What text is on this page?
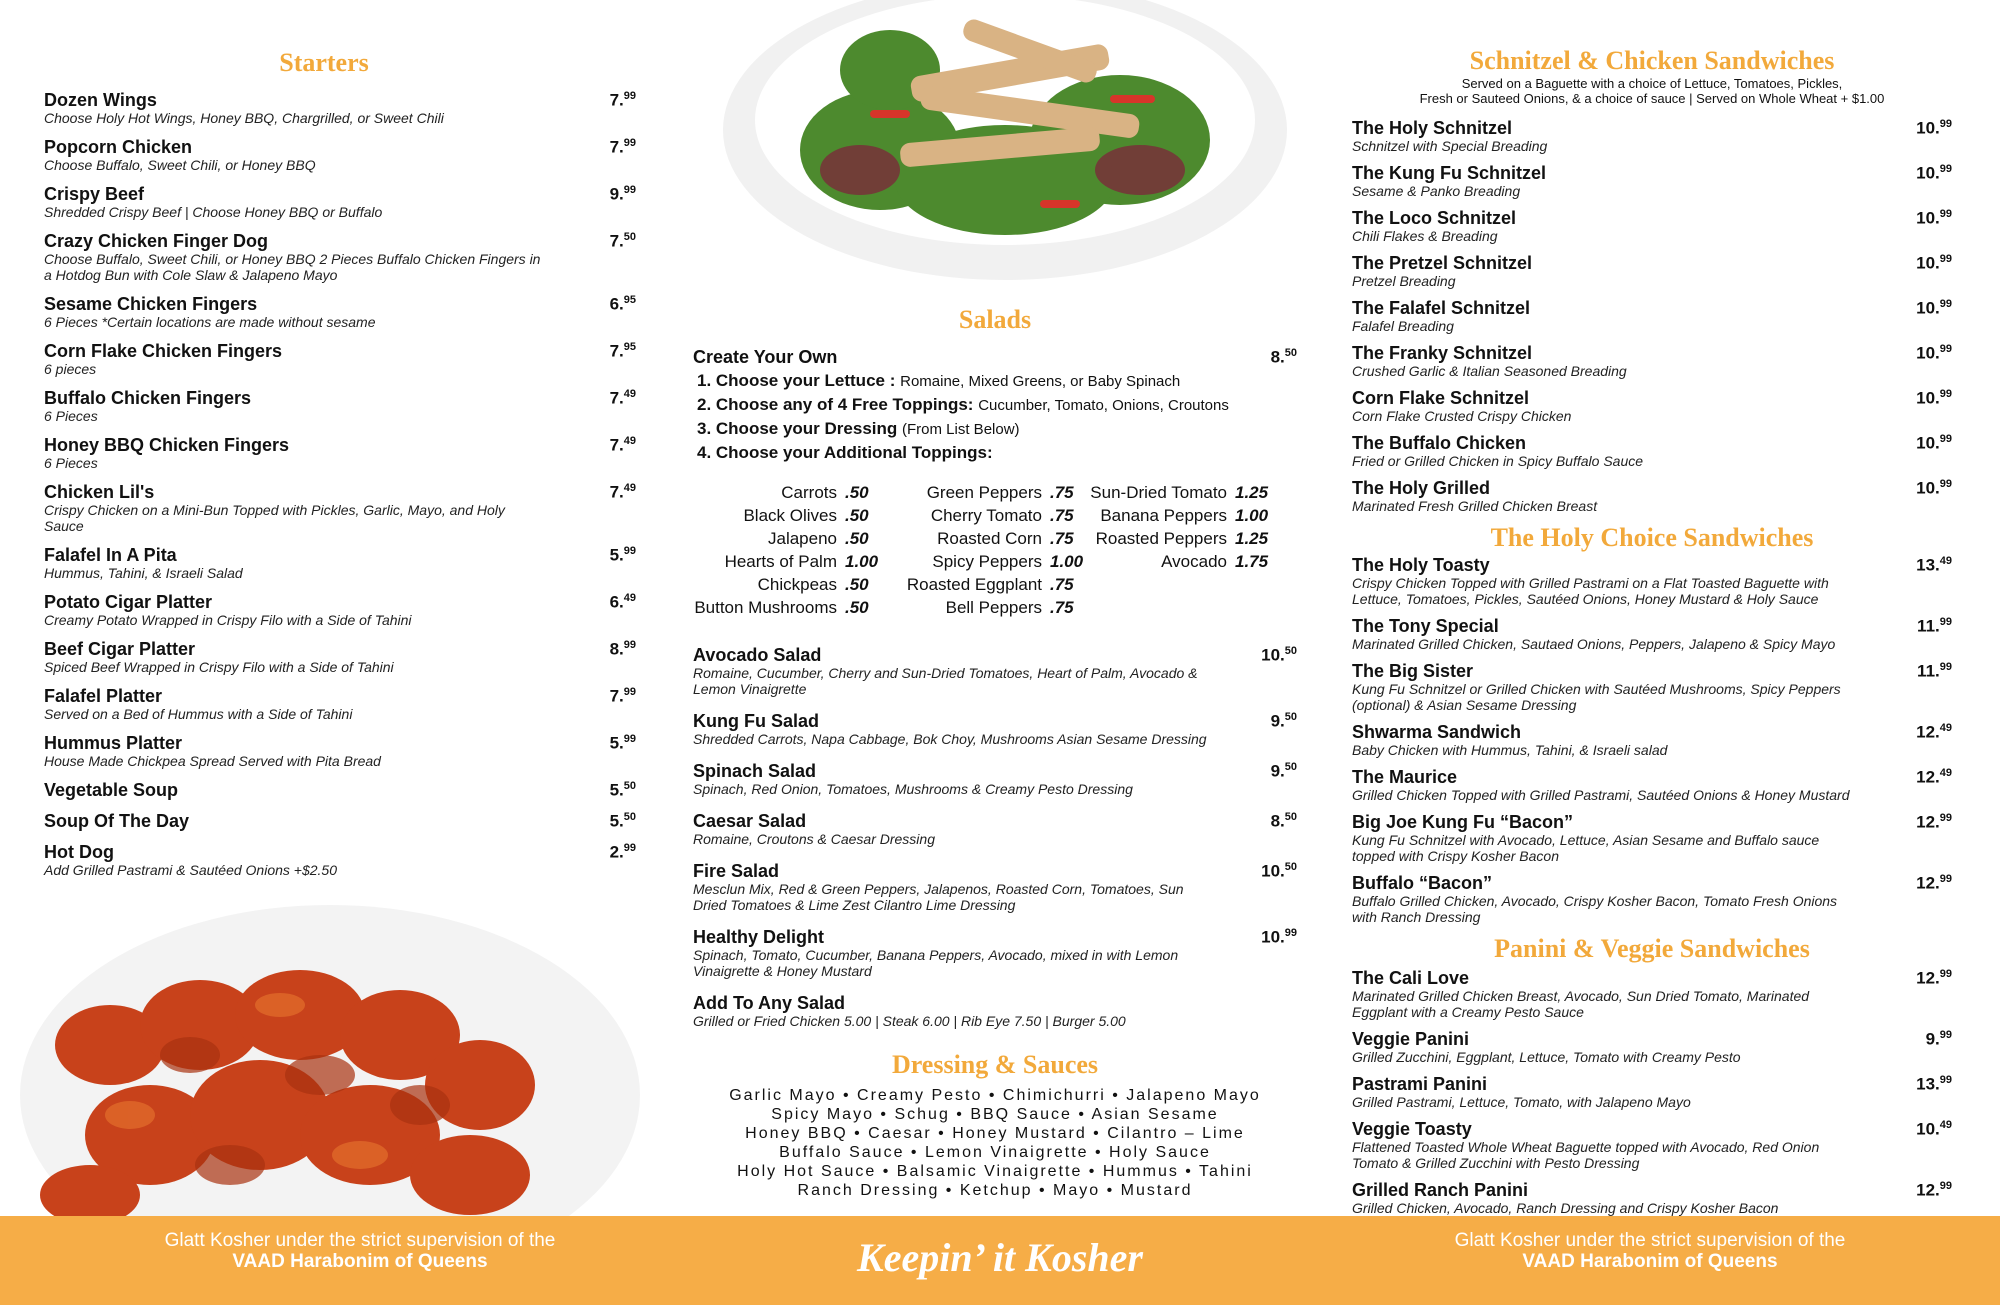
Starters
Dozen Wings
Choose Holy Hot Wings, Honey BBQ, Chargrilled, or Sweet Chili
7.99
Popcorn Chicken
Choose Buffalo, Sweet Chili, or Honey BBQ
7.99
Crispy Beef
Shredded Crispy Beef | Choose Honey BBQ or Buffalo
9.99
Crazy Chicken Finger Dog
Choose Buffalo, Sweet Chili, or Honey BBQ 2 Pieces Buffalo Chicken Fingers in a Hotdog Bun with Cole Slaw & Jalapeno Mayo
7.50
Sesame Chicken Fingers
6 Pieces *Certain locations are made without sesame
6.95
Corn Flake Chicken Fingers
6 pieces
7.95
Buffalo Chicken Fingers
6 Pieces
7.49
Honey BBQ Chicken Fingers
6 Pieces
7.49
Chicken Lil's
Crispy Chicken on a Mini-Bun Topped with Pickles, Garlic, Mayo, and Holy Sauce
7.49
Falafel In A Pita
Hummus, Tahini, & Israeli Salad
5.99
Potato Cigar Platter
Creamy Potato Wrapped in Crispy Filo with a Side of Tahini
6.49
Beef Cigar Platter
Spiced Beef Wrapped in Crispy Filo with a Side of Tahini
8.99
Falafel Platter
Served on a Bed of Hummus with a Side of Tahini
7.99
Hummus Platter
House Made Chickpea Spread Served with Pita Bread
5.99
Vegetable Soup	5.50
Soup Of The Day	5.50
Hot Dog
Add Grilled Pastrami & Sautéed Onions +$2.50
2.99
Salads
Create Your Own	8.50
1. Choose your Lettuce : Romaine, Mixed Greens, or Baby Spinach
2. Choose any of 4 Free Toppings: Cucumber, Tomato, Onions, Croutons
3. Choose your Dressing (From List Below)
4. Choose your Additional Toppings:
Carrots .50
Black Olives .50
Jalapeno .50
Hearts of Palm 1.00
Chickpeas .50
Button Mushrooms .50
Green Peppers .75
Cherry Tomato .75
Roasted Corn .75
Spicy Peppers 1.00
Roasted Eggplant .75
Bell Peppers .75
Sun-Dried Tomato 1.25
Banana Peppers 1.00
Roasted Peppers 1.25
Avocado 1.75
Avocado Salad
Romaine, Cucumber, Cherry and Sun-Dried Tomatoes, Heart of Palm, Avocado & Lemon Vinaigrette
10.50
Kung Fu Salad
Shredded Carrots, Napa Cabbage, Bok Choy, Mushrooms Asian Sesame Dressing
9.50
Spinach Salad
Spinach, Red Onion, Tomatoes, Mushrooms & Creamy Pesto Dressing
9.50
Caesar Salad
Romaine, Croutons & Caesar Dressing
8.50
Fire Salad
Mesclun Mix, Red & Green Peppers, Jalapenos, Roasted Corn, Tomatoes, Sun Dried Tomatoes & Lime Zest Cilantro Lime Dressing
10.50
Healthy Delight
Spinach, Tomato, Cucumber, Banana Peppers, Avocado, mixed in with Lemon Vinaigrette & Honey Mustard
10.99
Add To Any Salad
Grilled or Fried Chicken 5.00 | Steak 6.00 | Rib Eye 7.50 | Burger 5.00
Dressing & Sauces
Garlic Mayo • Creamy Pesto • Chimichurri • Jalapeno Mayo
Spicy Mayo • Schug • BBQ Sauce • Asian Sesame
Honey BBQ • Caesar • Honey Mustard • Cilantro – Lime
Buffalo Sauce • Lemon Vinaigrette • Holy Sauce
Holy Hot Sauce • Balsamic Vinaigrette • Hummus • Tahini
Ranch Dressing • Ketchup • Mayo • Mustard
Schnitzel & Chicken Sandwiches
Served on a Baguette with a choice of Lettuce, Tomatoes, Pickles,
Fresh or Sauteed Onions, & a choice of sauce | Served on Whole Wheat + $1.00
The Holy Schnitzel
Schnitzel with Special Breading
10.99
The Kung Fu Schnitzel
Sesame & Panko Breading
10.99
The Loco Schnitzel
Chili Flakes & Breading
10.99
The Pretzel Schnitzel
Pretzel Breading
10.99
The Falafel Schnitzel
Falafel Breading
10.99
The Franky Schnitzel
Crushed Garlic & Italian Seasoned Breading
10.99
Corn Flake Schnitzel
Corn Flake Crusted Crispy Chicken
10.99
The Buffalo Chicken
Fried or Grilled Chicken in Spicy Buffalo Sauce
10.99
The Holy Grilled
Marinated Fresh Grilled Chicken Breast
10.99
The Holy Choice Sandwiches
The Holy Toasty
Crispy Chicken Topped with Grilled Pastrami on a Flat Toasted Baguette with Lettuce, Tomatoes, Pickles, Sautéed Onions, Honey Mustard & Holy Sauce
13.49
The Tony Special
Marinated Grilled Chicken, Sautaed Onions, Peppers, Jalapeno & Spicy Mayo
11.99
The Big Sister
Kung Fu Schnitzel or Grilled Chicken with Sautéed Mushrooms, Spicy Peppers (optional) & Asian Sesame Dressing
11.99
Shwarma Sandwich
Baby Chicken with Hummus, Tahini, & Israeli salad
12.49
The Maurice
Grilled Chicken Topped with Grilled Pastrami, Sautéed Onions & Honey Mustard
12.49
Big Joe Kung Fu “Bacon”
Kung Fu Schnitzel with Avocado, Lettuce, Asian Sesame and Buffalo sauce topped with Crispy Kosher Bacon
12.99
Buffalo “Bacon”
Buffalo Grilled Chicken, Avocado, Crispy Kosher Bacon, Tomato Fresh Onions with Ranch Dressing
12.99
Panini & Veggie Sandwiches
The Cali Love
Marinated Grilled Chicken Breast, Avocado, Sun Dried Tomato, Marinated Eggplant with a Creamy Pesto Sauce
12.99
Veggie Panini
Grilled Zucchini, Eggplant, Lettuce, Tomato with Creamy Pesto
9.99
Pastrami Panini
Grilled Pastrami, Lettuce, Tomato, with Jalapeno Mayo
13.99
Veggie Toasty
Flattened Toasted Whole Wheat Baguette topped with Avocado, Red Onion Tomato & Grilled Zucchini with Pesto Dressing
10.49
Grilled Ranch Panini
Grilled Chicken, Avocado, Ranch Dressing and Crispy Kosher Bacon
12.99
Glatt Kosher under the strict supervision of the
VAAD Harabonim of Queens	Keepin’ it Kosher	Glatt Kosher under the strict supervision of the
VAAD Harabonim of Queens
